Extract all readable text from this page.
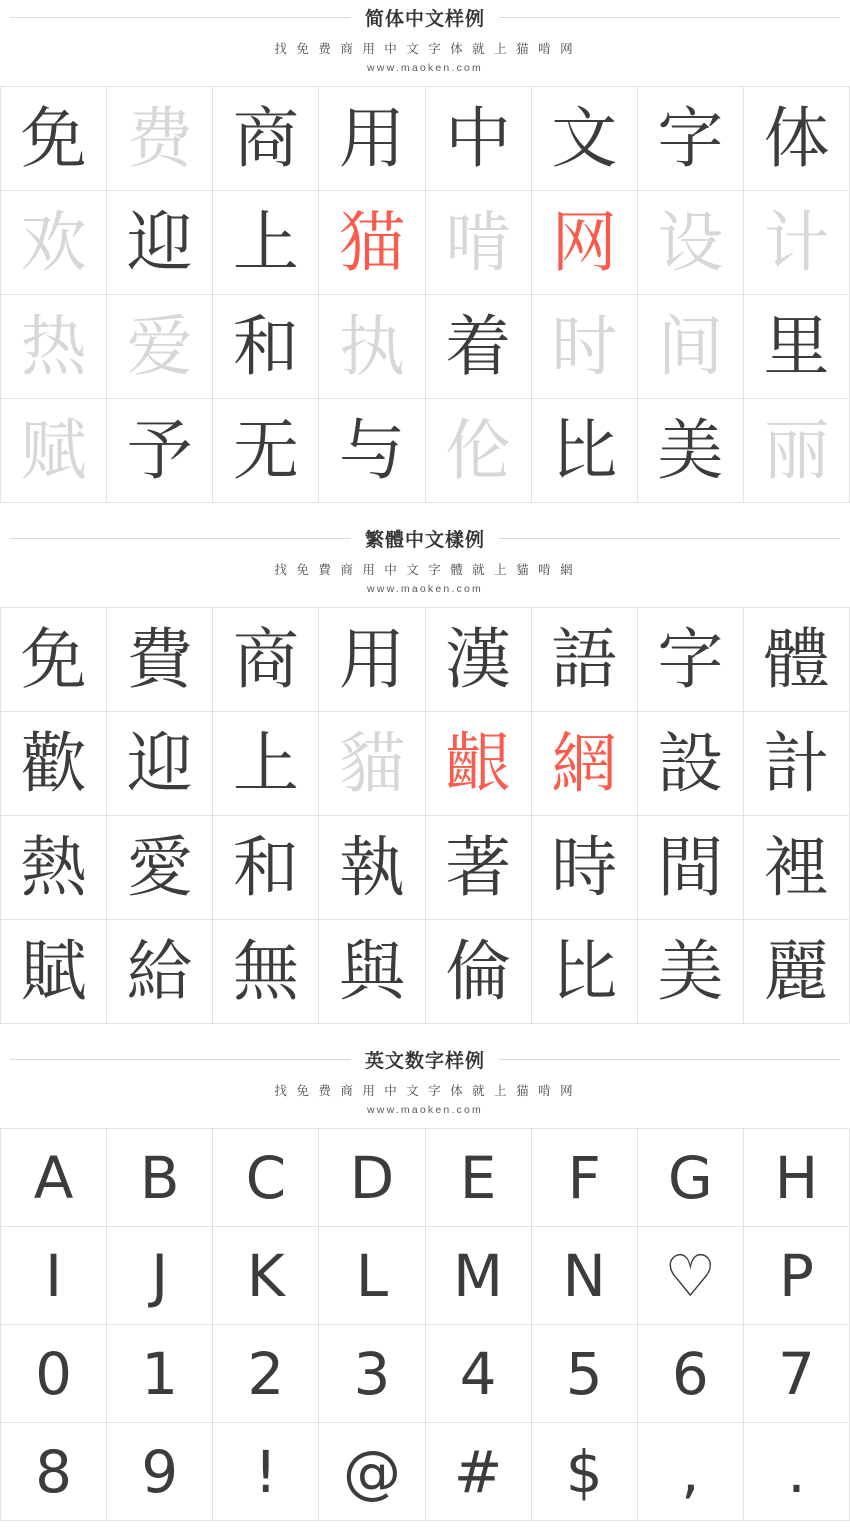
简体中文样例
找 免 费 商 用 中 文 字 体 就 上 猫 啃 网
www.maoken.com
免 费 商 用 中 文 字 体
欢 迎 上 猫 啃 网 设 计
热 爱 和 执 着 时 间 里
赋 予 无 与 伦 比 美 丽
繁體中文樣例
找 免 費 商 用 中 文 字 體 就 上 貓 啃 網
www.maoken.com
免 費 商 用 漢 語 字 體
歡 迎 上 貓 齦 網 設 計
熱 愛 和 執 著 時 間 裡
賦 給 無 與 倫 比 美 麗
英文数字样例
找 免 费 商 用 中 文 字 体 就 上 猫 啃 网
www.maoken.com
A B C D E F G H
I J K L M N ♡ P
0 1 2 3 4 5 6 7
8 9 ! @ # $ , .
